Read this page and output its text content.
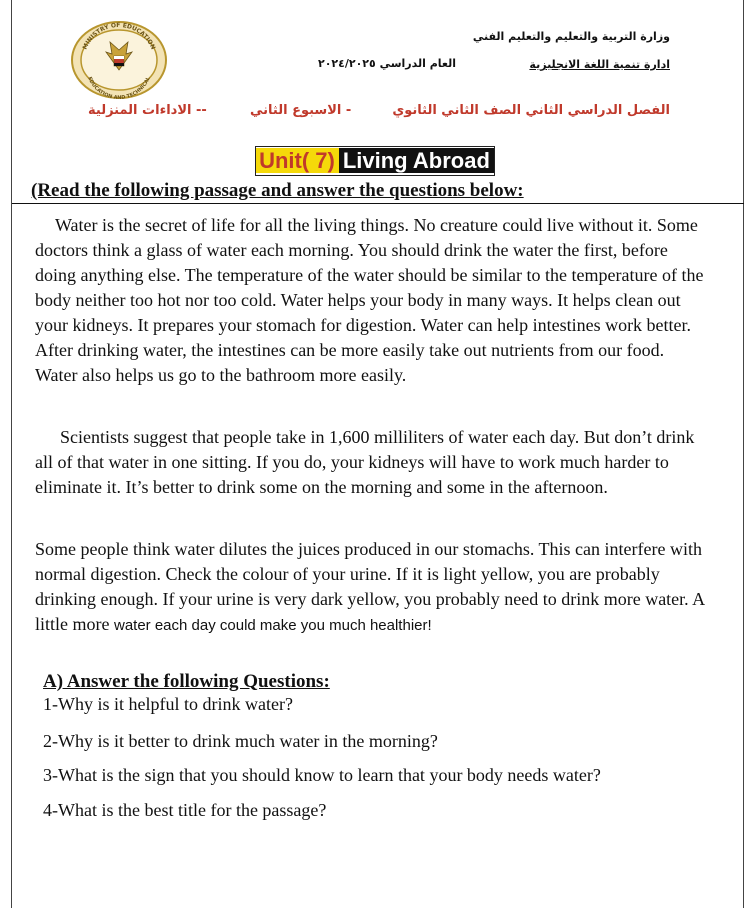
MINISTRY OF EDUCATION
EDUCATION AND TECHNICAL
وزارة التربية والتعليم والتعليم الفني
ادارة تنمية اللغة الانجليزية
العام الدراسي ٢٠٢٤/٢٠٢٥
الفصل الدراسي الثاني الصف الثاني الثانوي
- الاسبوع الثاني
-- الاداءات المنزلية
Unit( 7) Living Abroad
(Read the following passage and answer the questions below:

Water is the secret of life for all the living things. No creature could live without it. Some doctors think a glass of water each morning. You should drink the water the first, before doing anything else. The temperature of the water should be similar to the temperature of the body neither too hot nor too cold. Water helps your body in many ways. It helps clean out your kidneys. It prepares your stomach for digestion. Water can help intestines work better. After drinking water, the intestines can be more easily take out nutrients from our food. Water also helps us go to the bathroom more easily.

Scientists suggest that people take in 1,600 milliliters of water each day. But don’t drink all of that water in one sitting. If you do, your kidneys will have to work much harder to eliminate it. It’s better to drink some on the morning and some in the afternoon.

Some people think water dilutes the juices produced in our stomachs. This can interfere with normal digestion. Check the colour of your urine. If it is light yellow, you are probably drinking enough. If your urine is very dark yellow, you probably need to drink more water. A little more water each day could make you much healthier!

A) Answer the following Questions:
1-Why is it helpful to drink water?
2-Why is it better to drink much water in the morning?
3-What is the sign that you should know to learn that your body needs water?
4-What is the best title for the passage?
